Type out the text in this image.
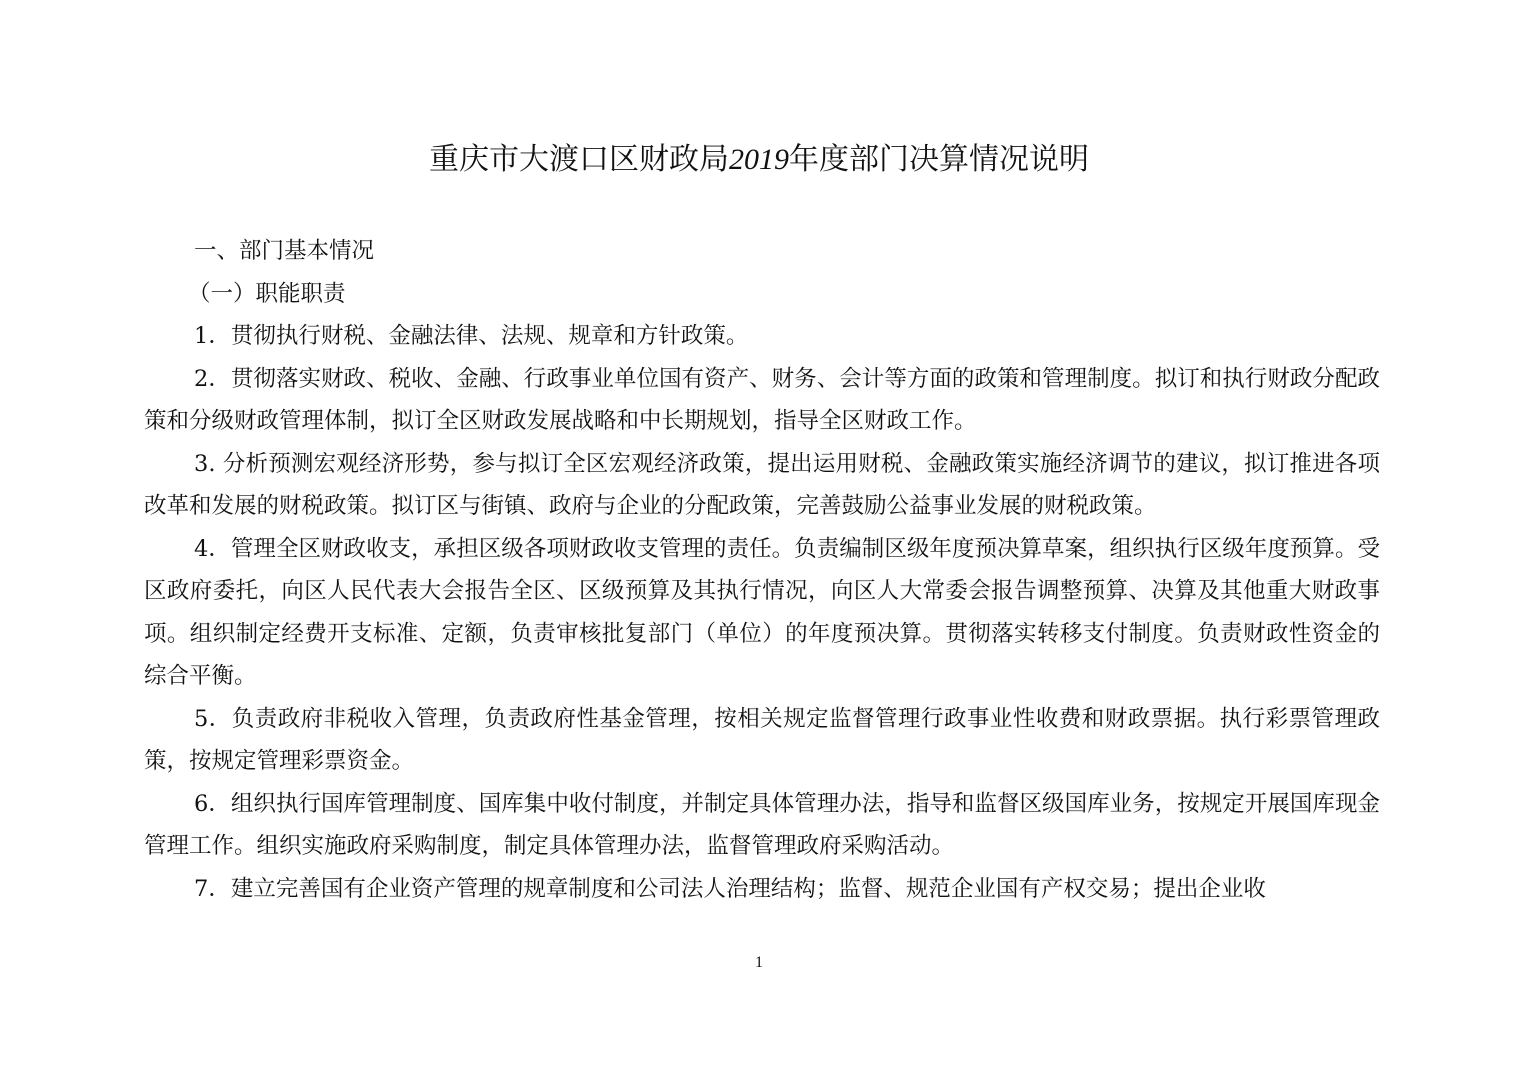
重庆市大渡口区财政局2019年度部门决算情况说明

一、部门基本情况

（一）职能职责

1．贯彻执行财税、金融法律、法规、规章和方针政策。

2．贯彻落实财政、税收、金融、行政事业单位国有资产、财务、会计等方面的政策和管理制度。拟订和执行财政分配政策和分级财政管理体制，拟订全区财政发展战略和中长期规划，指导全区财政工作。

3. 分析预测宏观经济形势，参与拟订全区宏观经济政策，提出运用财税、金融政策实施经济调节的建议，拟订推进各项改革和发展的财税政策。拟订区与街镇、政府与企业的分配政策，完善鼓励公益事业发展的财税政策。

4．管理全区财政收支，承担区级各项财政收支管理的责任。负责编制区级年度预决算草案，组织执行区级年度预算。受区政府委托，向区人民代表大会报告全区、区级预算及其执行情况，向区人大常委会报告调整预算、决算及其他重大财政事项。组织制定经费开支标准、定额，负责审核批复部门（单位）的年度预决算。贯彻落实转移支付制度。负责财政性资金的综合平衡。

5．负责政府非税收入管理，负责政府性基金管理，按相关规定监督管理行政事业性收费和财政票据。执行彩票管理政策，按规定管理彩票资金。

6．组织执行国库管理制度、国库集中收付制度，并制定具体管理办法，指导和监督区级国库业务，按规定开展国库现金管理工作。组织实施政府采购制度，制定具体管理办法，监督管理政府采购活动。

7．建立完善国有企业资产管理的规章制度和公司法人治理结构；监督、规范企业国有产权交易；提出企业收

1
